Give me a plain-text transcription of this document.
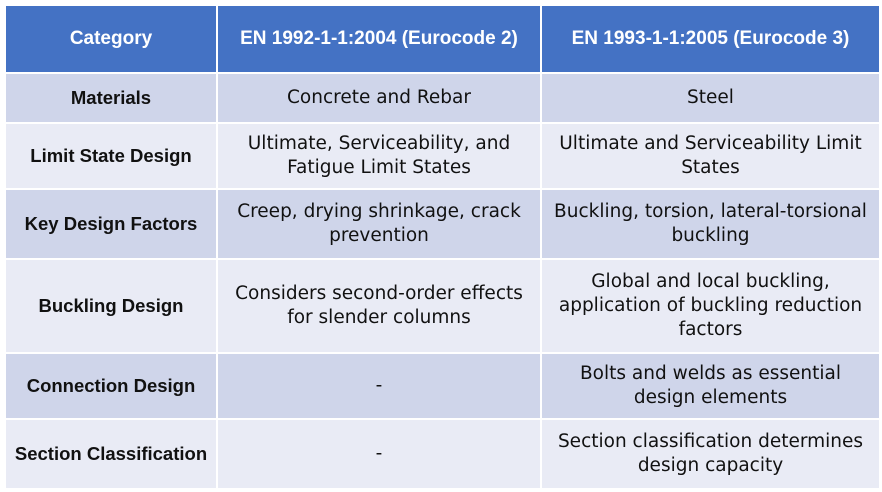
Category	EN 1992-1-1:2004 (Eurocode 2)	EN 1993-1-1:2005 (Eurocode 3)
Materials	Concrete and Rebar	Steel
Limit State Design	Ultimate, Serviceability, and Fatigue Limit States	Ultimate and Serviceability Limit States
Key Design Factors	Creep, drying shrinkage, crack prevention	Buckling, torsion, lateral-torsional buckling
Buckling Design	Considers second-order effects for slender columns	Global and local buckling, application of buckling reduction factors
Connection Design	-	Bolts and welds as essential design elements
Section Classification	-	Section classification determines design capacity
